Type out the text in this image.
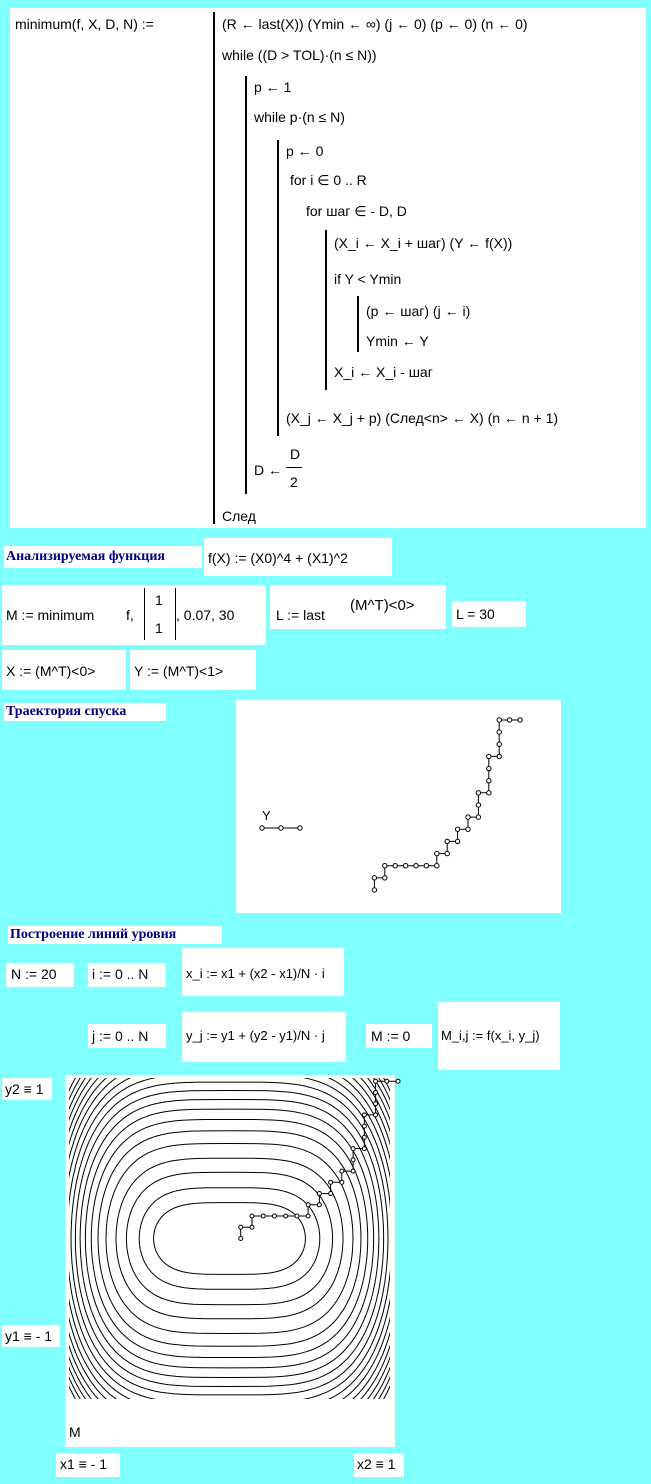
minimum(f, X, D, N) :=	(R ← last(X)) (Ymin ← ∞) (j ← 0) (p ← 0) (n ← 0)
while ((D > TOL)·(n ≤ N))
p ← 1
while p·(n ≤ N)
p ← 0
for i ∈ 0 .. R
for шаг ∈ - D, D
(X_i ← X_i + шаг) (Y ← f(X))
if Y < Ymin
(p ← шаг) (j ← i)
Ymin ← Y
X_i ← X_i - шаг
(X_j ← X_j + p) (След<n> ← X) (n ← n + 1)
D ←
D
2
След
Анализируемая функция	f(X) := (X0)^4 + (X1)^2
M := minimum f,
1
1
, 0.07, 30	L := last
(M^T)<0>	L = 30
X := (M^T)<0>	Y := (M^T)<1>
Траектория спуска
Y
Построение линий уровня
N := 20	i := 0 .. N	x_i := x1 + (x2 - x1)/N · i
j := 0 .. N	y_j := y1 + (y2 - y1)/N · j	M := 0 M_i,j := f(x_i, y_j)
y2 ≡ 1
y1 ≡ - 1
M
x1 ≡ - 1	x2 ≡ 1
